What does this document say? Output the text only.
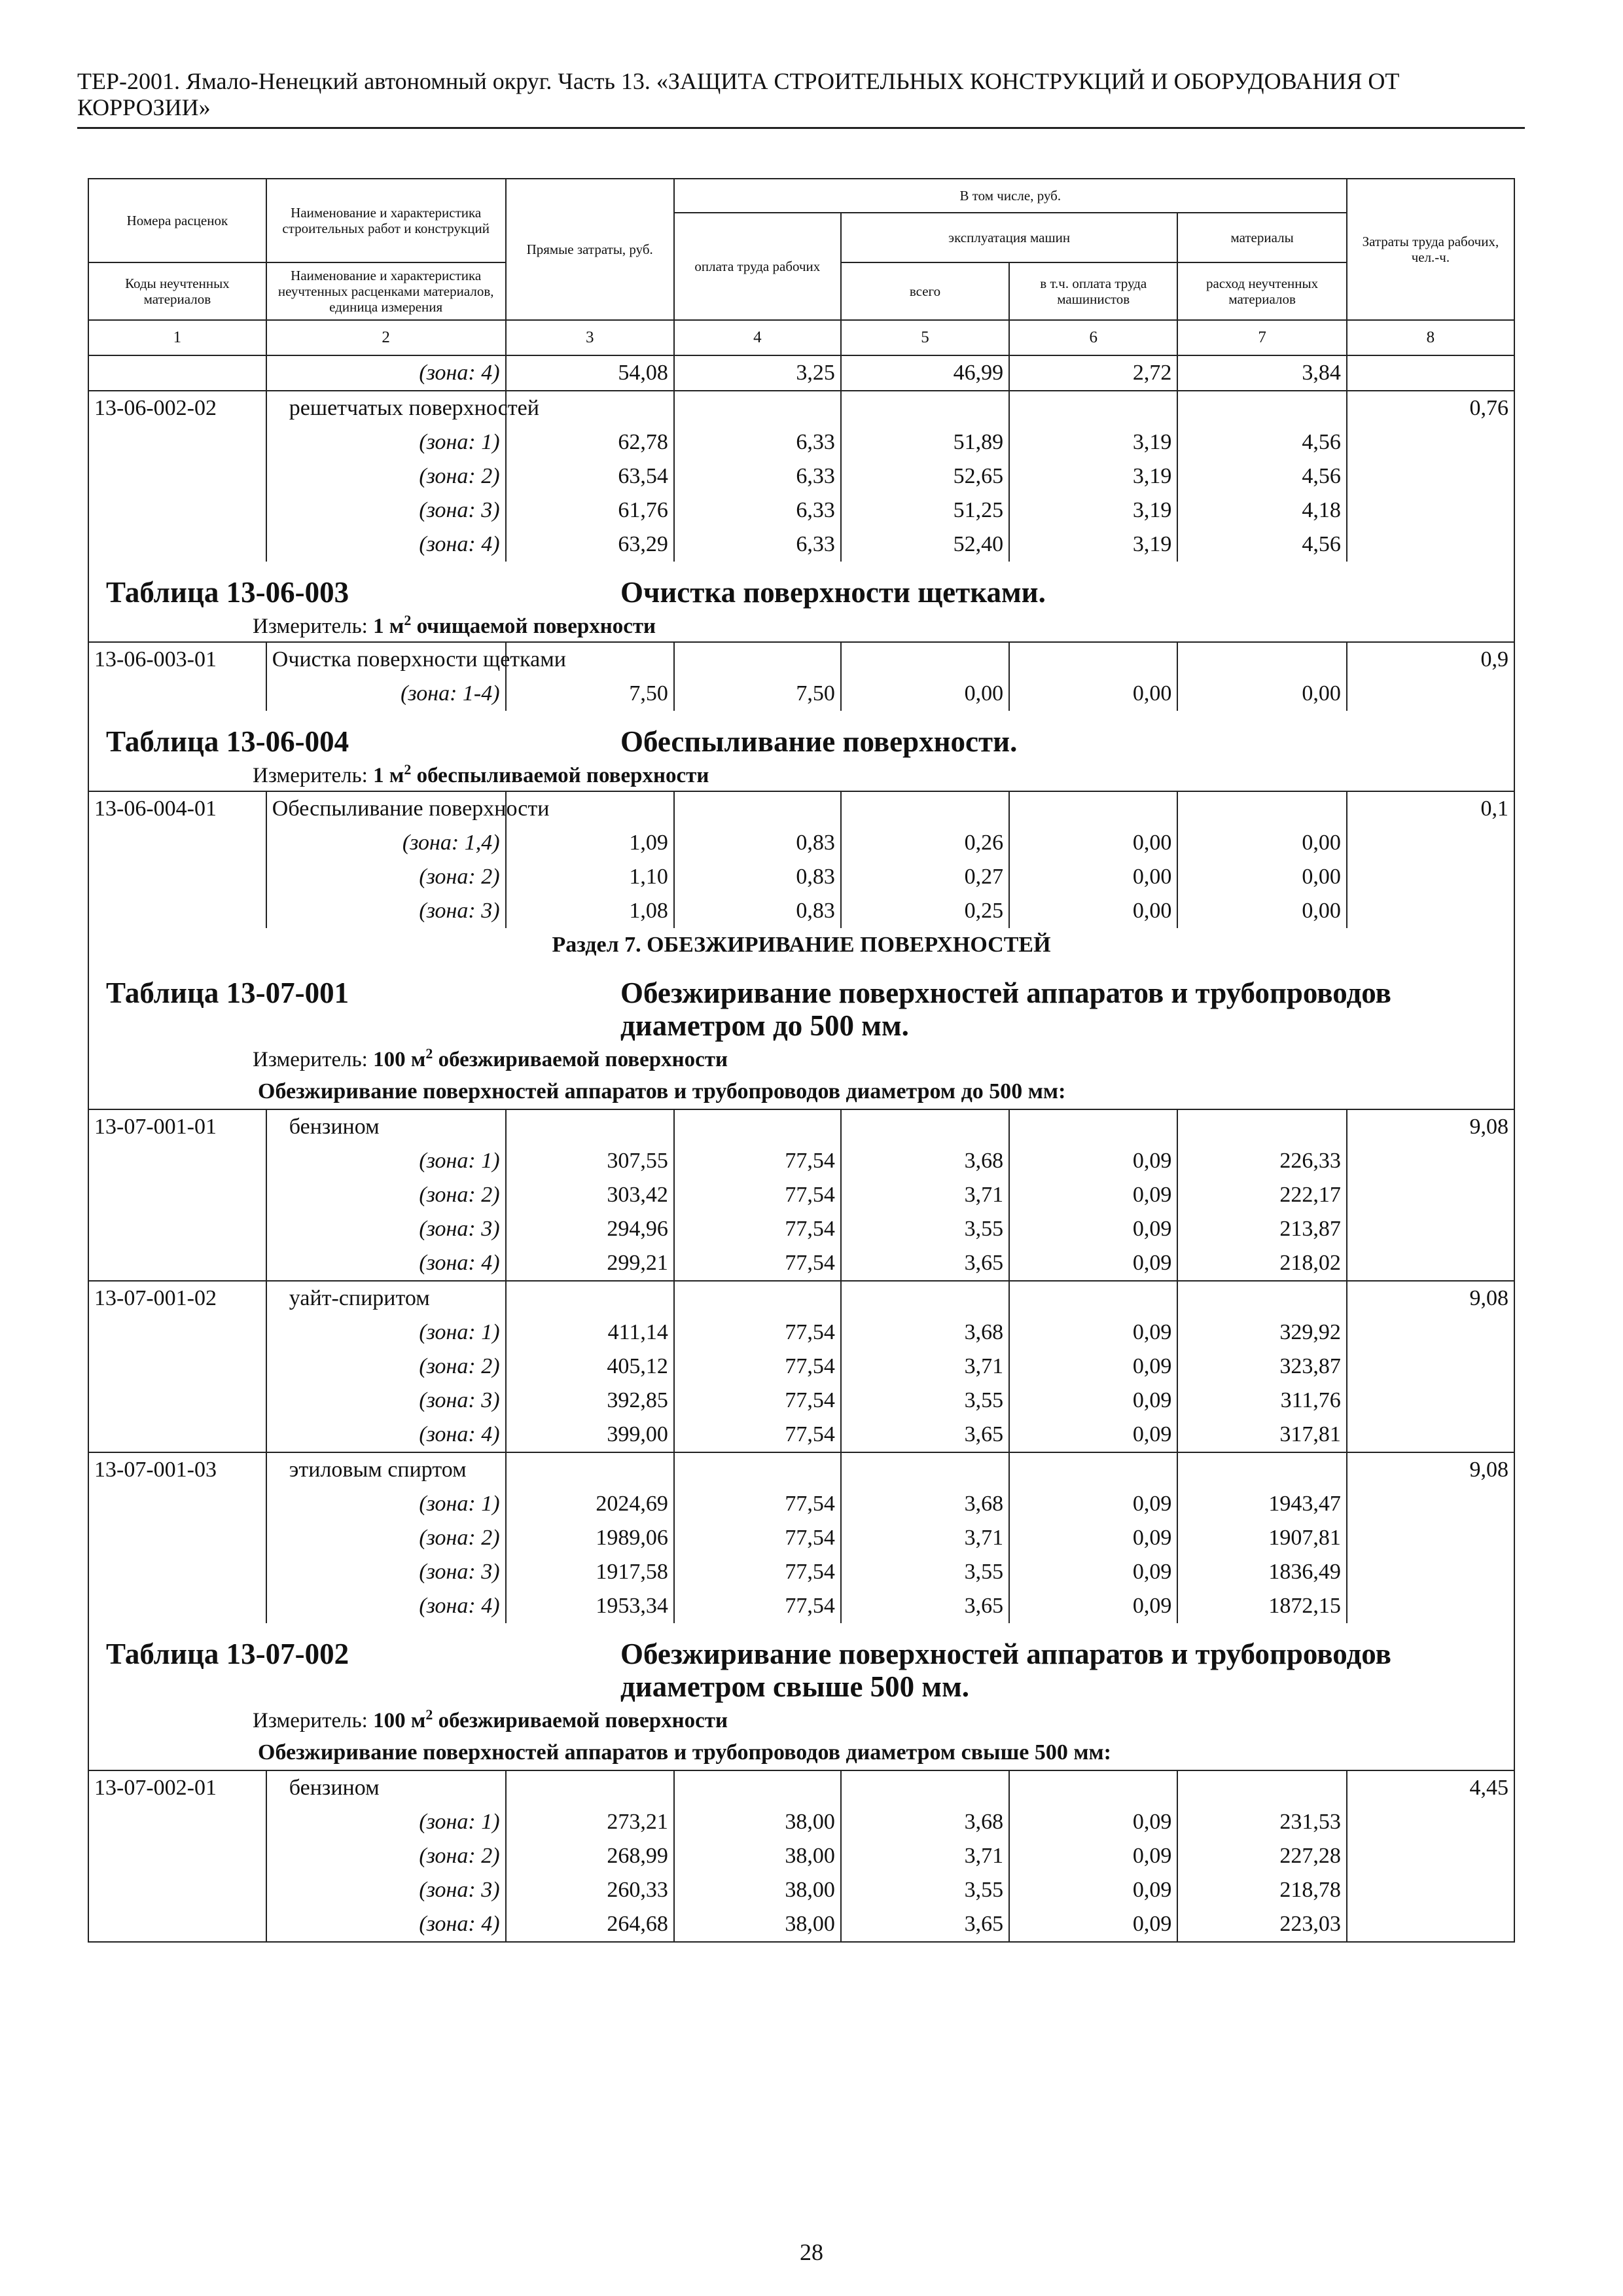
ТЕР-2001. Ямало-Ненецкий автономный округ. Часть 13. «ЗАЩИТА СТРОИТЕЛЬНЫХ КОНСТРУКЦИЙ И ОБОРУДОВАНИЯ ОТ КОРРОЗИИ»
Номера расценок	Наименование и характеристика строительных работ и конструкций	Прямые затраты, руб.	В том числе, руб.				Затраты труда рабочих, чел.-ч.
			оплата труда рабочих	эксплуатация машин		материалы	
Коды неучтенных материалов	Наименование и характеристика неучтенных расценками материалов, единица измерения			всего	в т.ч. оплата труда машинистов	расход неучтенных материалов	
1	2	3	4	5	6	7	8
	(зона: 4)	54,08	3,25	46,99	2,72	3,84	
13-06-002-02	решетчатых поверхностей						0,76
	(зона: 1)	62,78	6,33	51,89	3,19	4,56	
	(зона: 2)	63,54	6,33	52,65	3,19	4,56	
	(зона: 3)	61,76	6,33	51,25	3,19	4,18	
	(зона: 4)	63,29	6,33	52,40	3,19	4,56	

Таблица 13-06-003 Очистка поверхности щетками.
Измеритель: 1 $м^2$ очищаемой поверхности							

13-06-003-01	Очистка поверхности щетками						0,9
	(зона: 1-4)	7,50	7,50	0,00	0,00	0,00	

Таблица 13-06-004 Обеспыливание поверхности.
Измеритель: 1 $м^2$ обеспыливаемой поверхности							

13-06-004-01	Обеспыливание поверхности						0,1
	(зона: 1,4)	1,09	0,83	0,26	0,00	0,00	
	(зона: 2)	1,10	0,83	0,27	0,00	0,00	
	(зона: 3)	1,08	0,83	0,25	0,00	0,00	
Раздел 7. ОБЕЗЖИРИВАНИЕ ПОВЕРХНОСТЕЙ							

Таблица 13-07-001 Обезжиривание поверхностей аппаратов и трубопроводов диаметром до 500 мм.
Измеритель: 100 $м^2$ обезжириваемой поверхности							

Обезжиривание поверхностей аппаратов и трубопроводов диаметром до 500 мм:							
13-07-001-01	бензином						9,08
	(зона: 1)	307,55	77,54	3,68	0,09	226,33	
	(зона: 2)	303,42	77,54	3,71	0,09	222,17	
	(зона: 3)	294,96	77,54	3,55	0,09	213,87	
	(зона: 4)	299,21	77,54	3,65	0,09	218,02	
13-07-001-02	уайт-спиритом						9,08
	(зона: 1)	411,14	77,54	3,68	0,09	329,92	
	(зона: 2)	405,12	77,54	3,71	0,09	323,87	
	(зона: 3)	392,85	77,54	3,55	0,09	311,76	
	(зона: 4)	399,00	77,54	3,65	0,09	317,81	
13-07-001-03	этиловым спиртом						9,08
	(зона: 1)	2024,69	77,54	3,68	0,09	1943,47	
	(зона: 2)	1989,06	77,54	3,71	0,09	1907,81	
	(зона: 3)	1917,58	77,54	3,55	0,09	1836,49	
	(зона: 4)	1953,34	77,54	3,65	0,09	1872,15	

Таблица 13-07-002 Обезжиривание поверхностей аппаратов и трубопроводов диаметром свыше 500 мм.
Измеритель: 100 $м^2$ обезжириваемой поверхности							

Обезжиривание поверхностей аппаратов и трубопроводов диаметром свыше 500 мм:							
13-07-002-01	бензином						4,45
	(зона: 1)	273,21	38,00	3,68	0,09	231,53	
	(зона: 2)	268,99	38,00	3,71	0,09	227,28	
	(зона: 3)	260,33	38,00	3,55	0,09	218,78	
	(зона: 4)	264,68	38,00	3,65	0,09	223,03	
28
